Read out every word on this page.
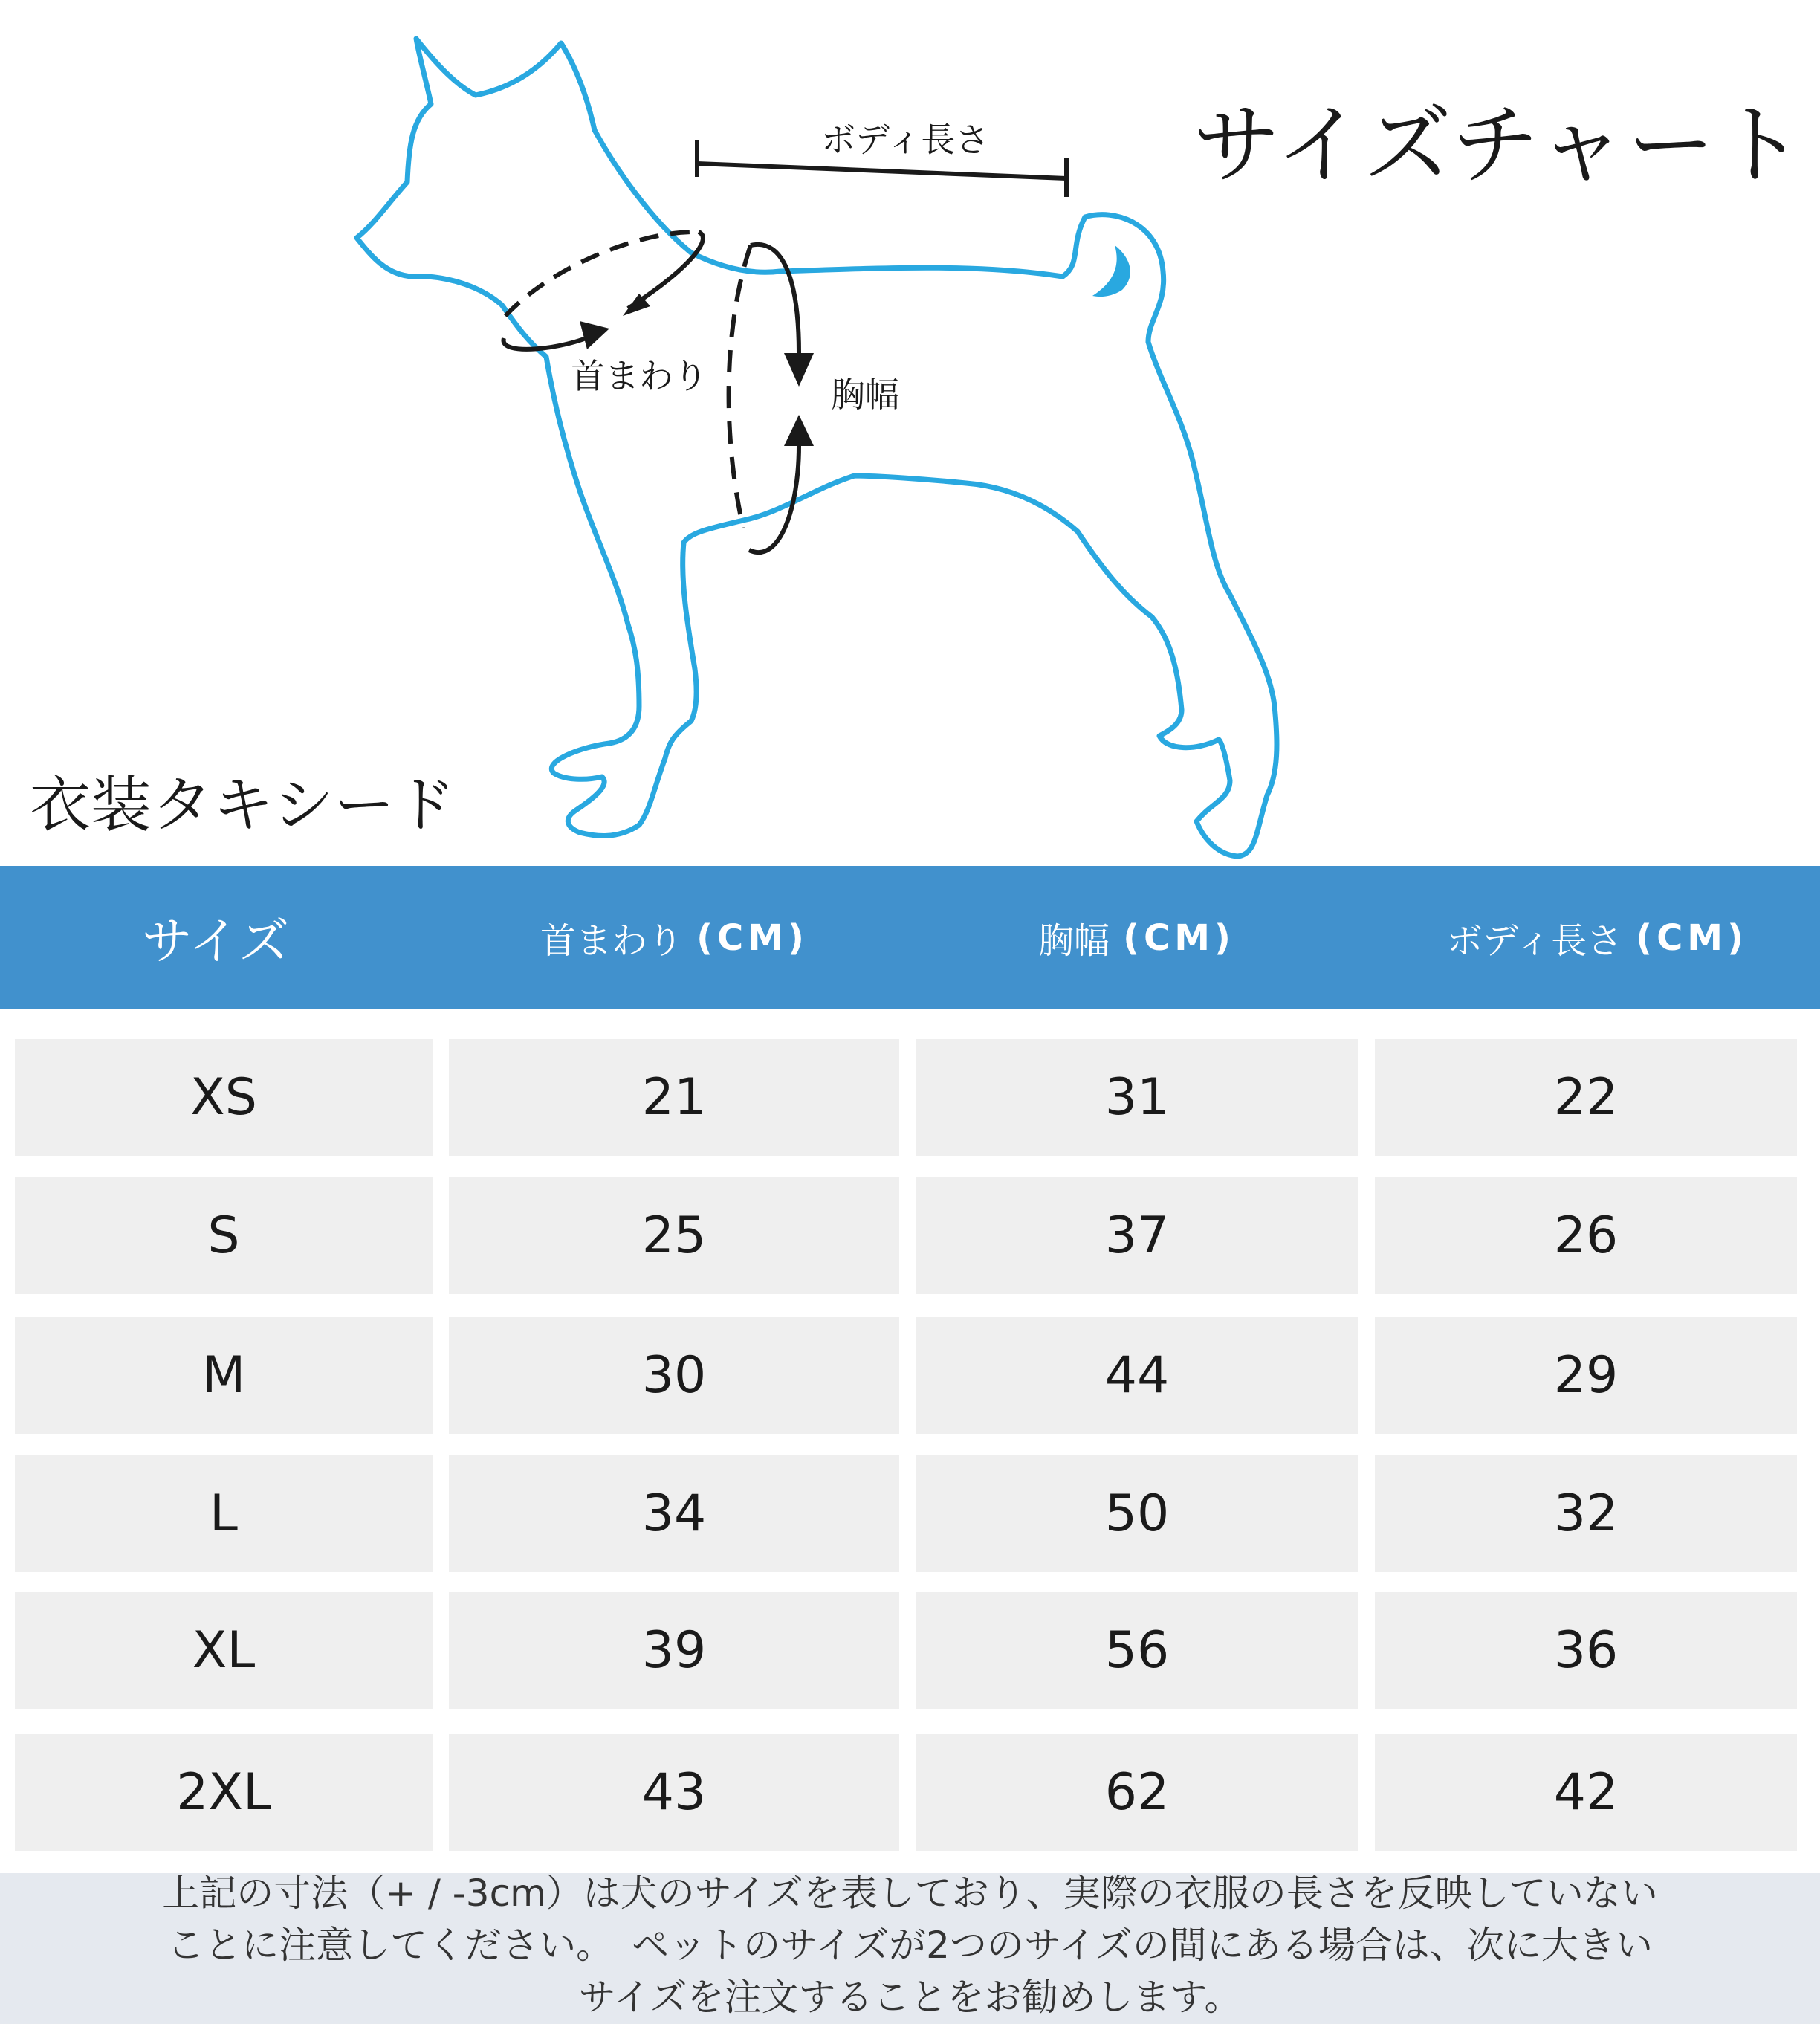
ボディ長さ
首まわり	胸幅
サイズチャート
衣装タキシード
サイズ	首まわり (CM)	胸幅 (CM)	ボディ長さ (CM)
XS	21	31	22
S	25	37	26
M	30	44	29
L	34	50	32
XL	39	56	36
2XL	43	62	42
上記の寸法（+ / -3cm）は犬のサイズを表しており、実際の衣服の長さを反映していない
ことに注意してください。　ペットのサイズが2つのサイズの間にある場合は、次に大きい
サイズを注文することをお勧めします。
